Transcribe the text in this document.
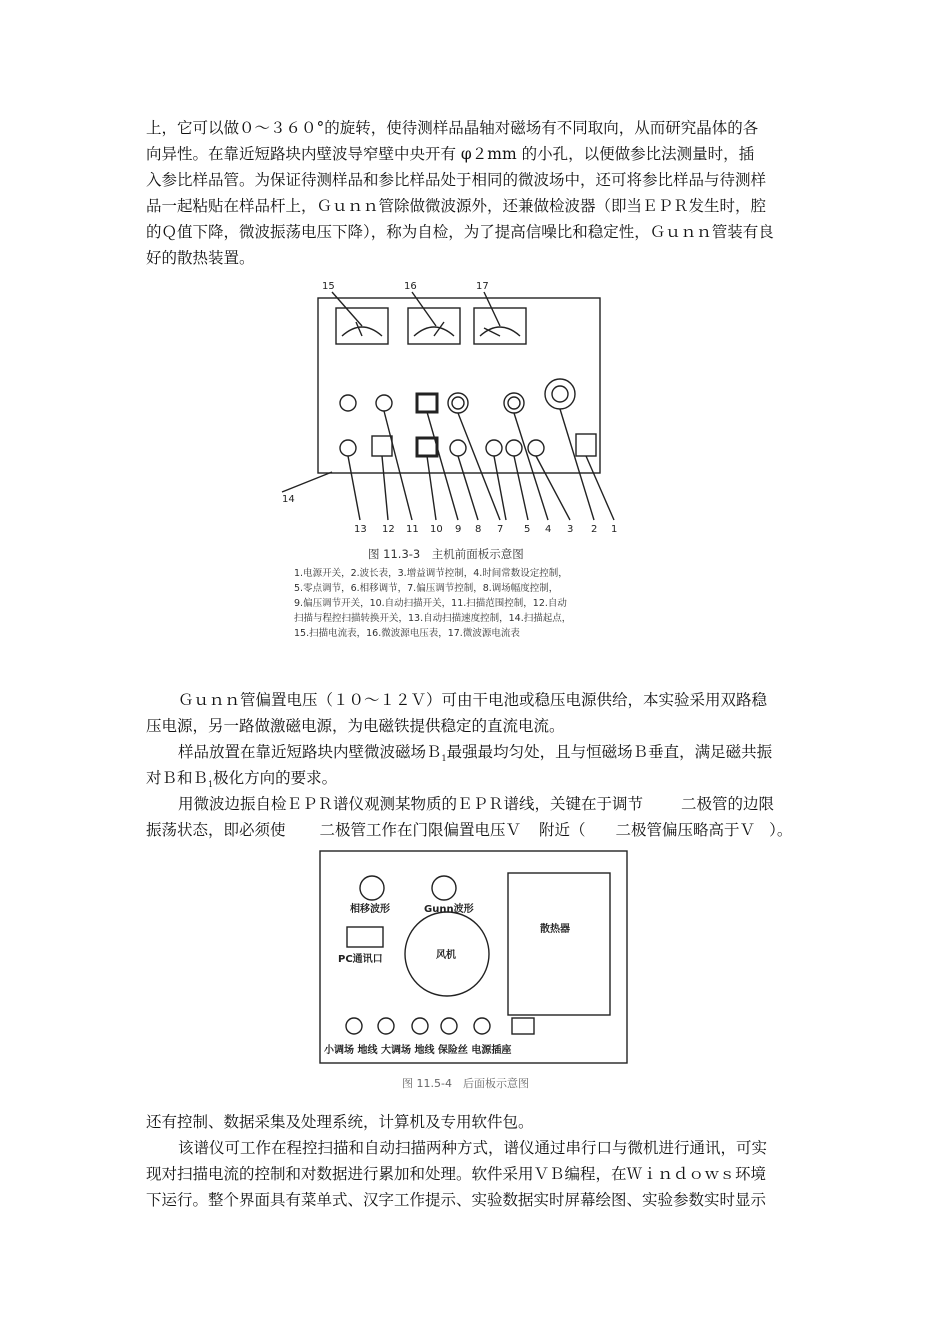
上，它可以做０～３６０°的旋转，使待测样品晶轴对磁场有不同取向，从而研究晶体的各

向异性。在靠近短路块内壁波导窄壁中央开有 φ２mm 的小孔，以便做参比法测量时，插

入参比样品管。为保证待测样品和参比样品处于相同的微波场中，还可将参比样品与待测样

品一起粘贴在样品杆上，Ｇｕｎｎ管除做微波源外，还兼做检波器（即当ＥＰＲ发生时，腔

的Ｑ值下降，微波振荡电压下降），称为自检，为了提高信噪比和稳定性，Ｇｕｎｎ管装有良

好的散热装置。

15	16	17
14
13 12 11 10 9 8 7 5 4 3 2 1
图 11.3-3　主机前面板示意图
1.电源开关，2.波长表，3.增益调节控制，4.时间常数设定控制，
5.零点调节，6.相移调节，7.偏压调节控制，8.调场幅度控制，
9.偏压调节开关，10.自动扫描开关，11.扫描范围控制，12.自动
扫描与程控扫描转换开关，13.自动扫描速度控制，14.扫描起点，
15.扫描电流表，16.微波源电压表，17.微波源电流表

Ｇｕｎｎ管偏置电压（１０～１２Ｖ）可由干电池或稳压电源供给，本实验采用双路稳

压电源，另一路做激磁电源，为电磁铁提供稳定的直流电流。

样品放置在靠近短路块内壁微波磁场Ｂ$_1$最强最均匀处，且与恒磁场Ｂ垂直，满足磁共振

对Ｂ和Ｂ$_1$极化方向的要求。

用微波边振自检ＥＰＲ谱仪观测某物质的ＥＰＲ谱线，关键在于调节 二极管的边限

振荡状态，即必须使 二极管工作在门限偏置电压Ｖ 附近（ 二极管偏压略高于Ｖ ）。

相移波形	Gunn波形
PC通讯口	风机
散热器
小调场 地线 大调场 地线 保险丝 电源插座
图 11.5-4　后面板示意图

还有控制、数据采集及处理系统，计算机及专用软件包。

该谱仪可工作在程控扫描和自动扫描两种方式，谱仪通过串行口与微机进行通讯，可实

现对扫描电流的控制和对数据进行累加和处理。软件采用ＶＢ编程，在Ｗｉｎｄｏｗｓ环境

下运行。整个界面具有菜单式、汉字工作提示、实验数据实时屏幕绘图、实验参数实时显示
